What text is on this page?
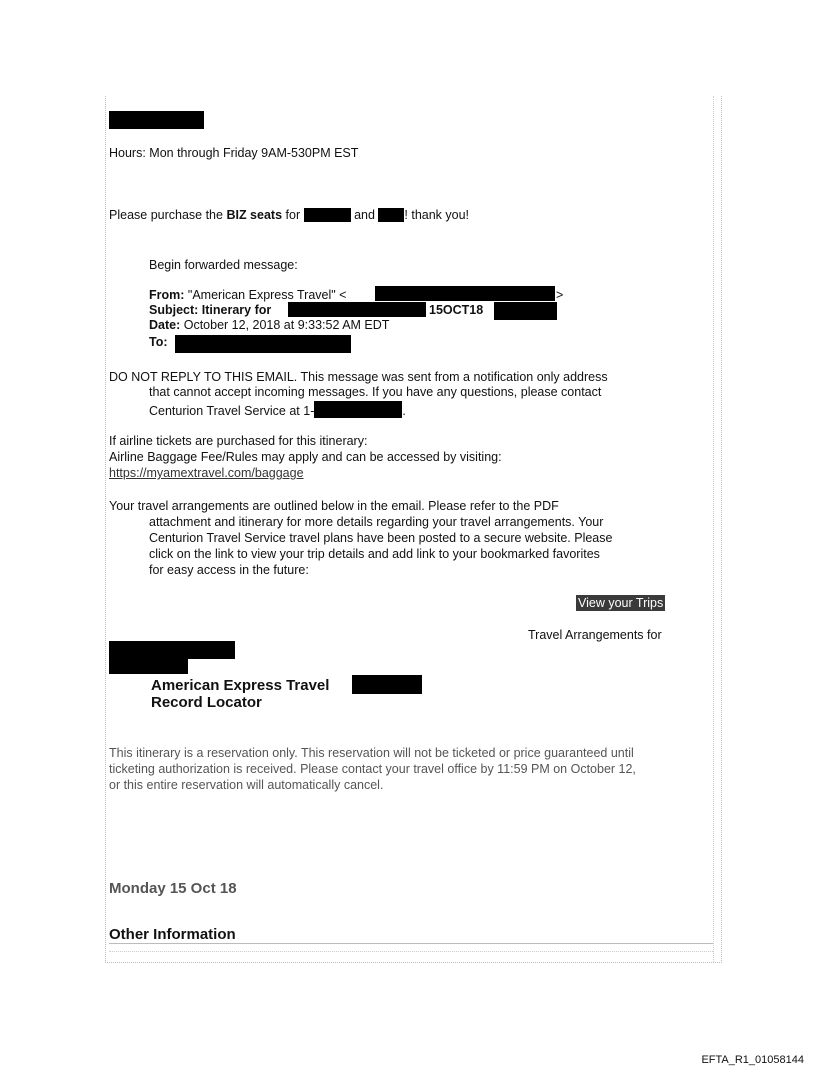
Hours: Mon through Friday 9AM-530PM EST
Please purchase the BIZ seats for	and ! thank you!
Begin forwarded message:
From: "American Express Travel" <	>
Subject: Itinerary for	15OCT18
Date: October 12, 2018 at 9:33:52 AM EDT
To:
DO NOT REPLY TO THIS EMAIL. This message was sent from a notification only address
that cannot accept incoming messages. If you have any questions, please contact
Centurion Travel Service at 1-	.
If airline tickets are purchased for this itinerary:
Airline Baggage Fee/Rules may apply and can be accessed by visiting:
https://myamextravel.com/baggage
Your travel arrangements are outlined below in the email. Please refer to the PDF
attachment and itinerary for more details regarding your travel arrangements. Your
Centurion Travel Service travel plans have been posted to a secure website. Please
click on the link to view your trip details and add link to your bookmarked favorites
for easy access in the future:
View your Trips
Travel Arrangements for
American Express Travel
Record Locator
This itinerary is a reservation only. This reservation will not be ticketed or price guaranteed until
ticketing authorization is received. Please contact your travel office by 11:59 PM on October 12,
or this entire reservation will automatically cancel.
Monday 15 Oct 18
Other Information
EFTA_R1_01058144
